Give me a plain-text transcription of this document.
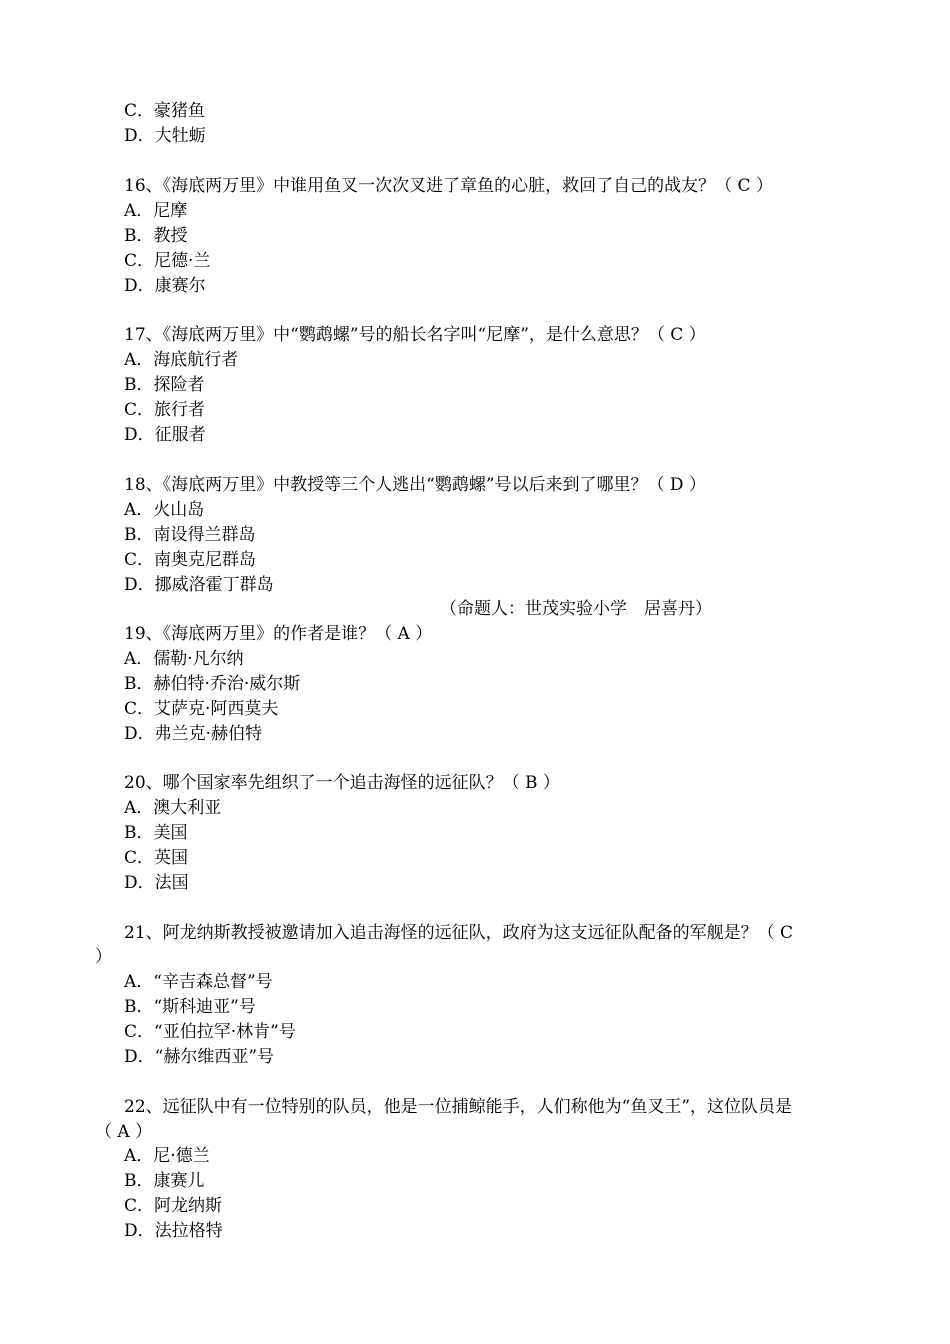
C．豪猪鱼
D．大牡蛎
16、《海底两万里》中谁用鱼叉一次次叉进了章鱼的心脏，救回了自己的战友？（ C ）
A．尼摩
B．教授
C．尼德·兰
D．康赛尔
17、《海底两万里》中“鹦鹉螺”号的船长名字叫“尼摩”，是什么意思？（ C ）
A．海底航行者
B．探险者
C．旅行者
D．征服者
18、《海底两万里》中教授等三个人逃出“鹦鹉螺”号以后来到了哪里？（ D ）
A．火山岛
B．南设得兰群岛
C．南奥克尼群岛
D．挪威洛霍丁群岛
（命题人：世茂实验小学　居喜丹）
19、《海底两万里》的作者是谁？（ A ）
A．儒勒·凡尔纳
B．赫伯特·乔治·威尔斯
C．艾萨克·阿西莫夫
D．弗兰克·赫伯特
20、哪个国家率先组织了一个追击海怪的远征队？（ B ）
A．澳大利亚
B．美国
C．英国
D．法国
21、阿龙纳斯教授被邀请加入追击海怪的远征队，政府为这支远征队配备的军舰是？（ C
）
A．“辛吉森总督”号
B．“斯科迪亚”号
C．“亚伯拉罕·林肯”号
D．“赫尔维西亚”号
22、远征队中有一位特别的队员，他是一位捕鲸能手，人们称他为“鱼叉王”，这位队员是
（ A ）
A．尼·德兰
B．康赛儿
C．阿龙纳斯
D．法拉格特
